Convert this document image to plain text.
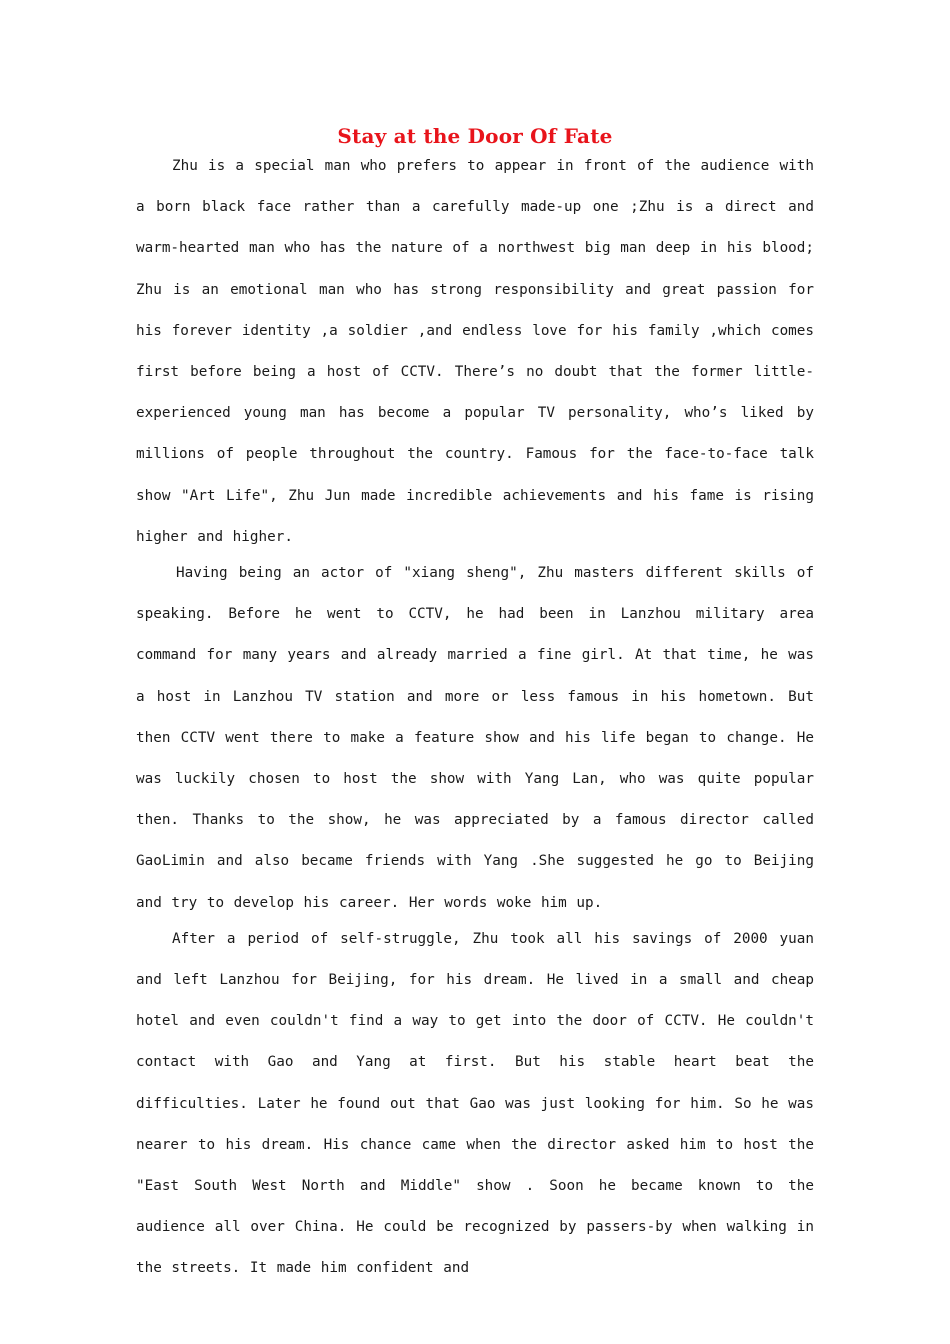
Stay at the Door Of Fate

Zhu is a special man who prefers to appear in front of the audience with a born black face rather than a carefully made-up one ;Zhu is a direct and warm-hearted man who has the nature of a northwest big man deep in his blood; Zhu is an emotional man who has strong responsibility and great passion for his forever identity ,a soldier ,and endless love for his family ,which comes first before being a host of CCTV. There’s no doubt that the former little-experienced young man has become a popular TV personality, who’s liked by millions of people throughout the country. Famous for the face-to-face talk show "Art Life", Zhu Jun made incredible achievements and his fame is rising higher and higher.

Having being an actor of "xiang sheng", Zhu masters different skills of speaking. Before he went to CCTV, he had been in Lanzhou military area command for many years and already married a fine girl. At that time, he was a host in Lanzhou TV station and more or less famous in his hometown. But then CCTV went there to make a feature show and his life began to change. He was luckily chosen to host the show with Yang Lan, who was quite popular then. Thanks to the show, he was appreciated by a famous director called GaoLimin and also became friends with Yang .She suggested he go to Beijing and try to develop his career. Her words woke him up.

After a period of self-struggle, Zhu took all his savings of 2000 yuan and left Lanzhou for Beijing, for his dream. He lived in a small and cheap hotel and even couldn't find a way to get into the door of CCTV. He couldn't contact with Gao and Yang at first. But his stable heart beat the difficulties. Later he found out that Gao was just looking for him. So he was nearer to his dream. His chance came when the director asked him to host the "East South West North and Middle" show . Soon he became known to the audience all over China. He could be recognized by passers-by when walking in the streets. It made him confident and
